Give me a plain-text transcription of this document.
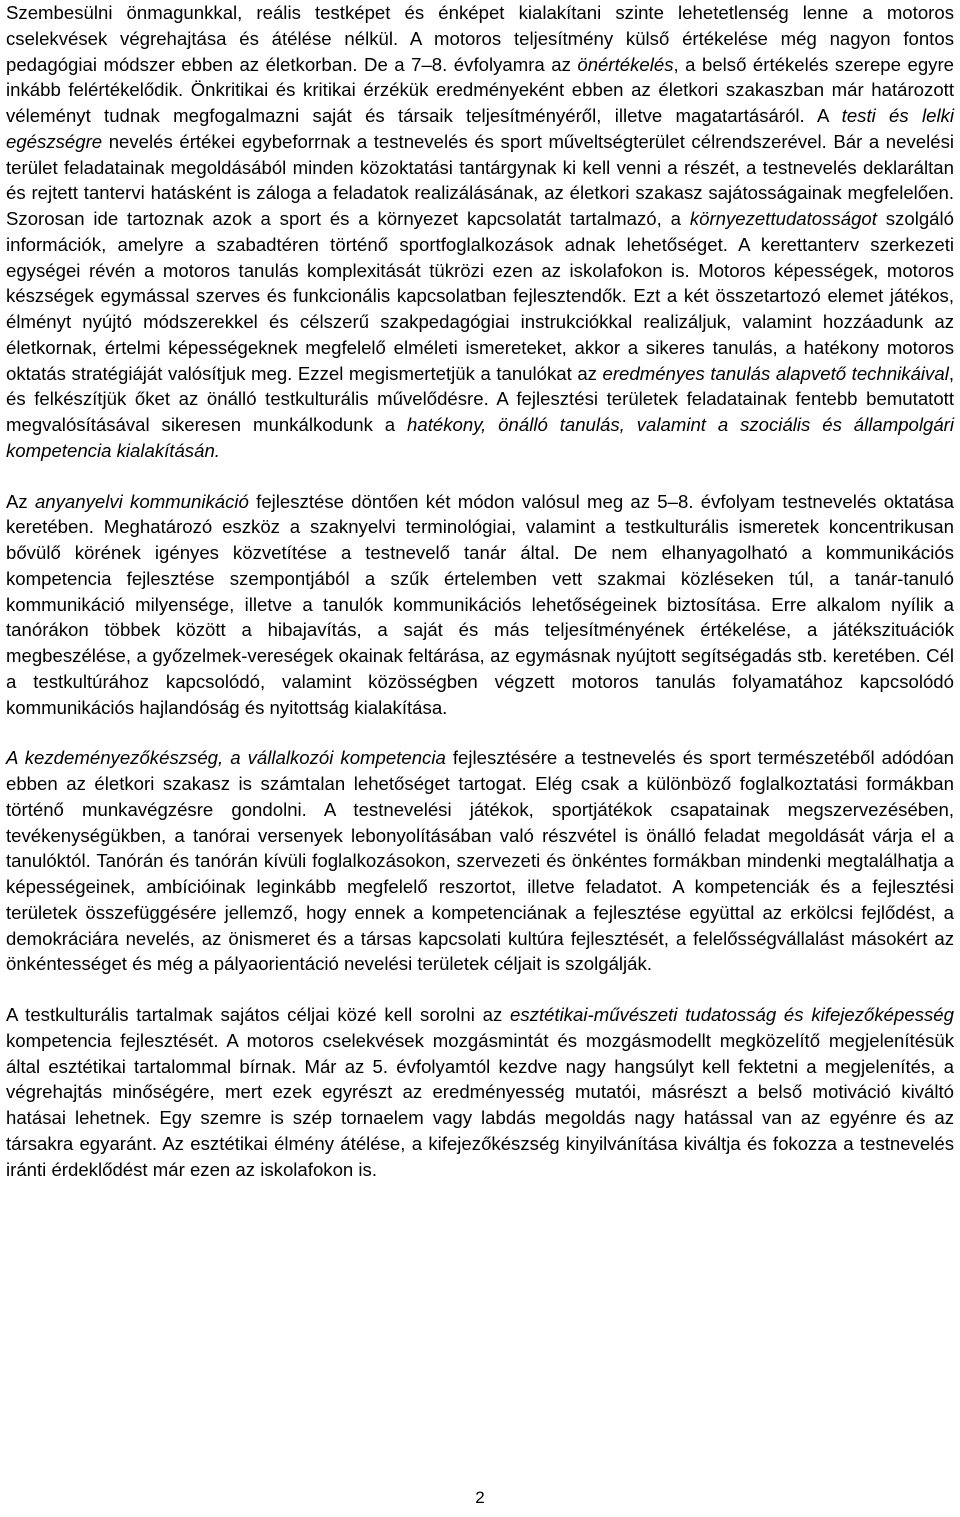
Szembesülni önmagunkkal, reális testképet és énképet kialakítani szinte lehetetlenség lenne a motoros cselekvések végrehajtása és átélése nélkül. A motoros teljesítmény külső értékelése még nagyon fontos pedagógiai módszer ebben az életkorban. De a 7–8. évfolyamra az önértékelés, a belső értékelés szerepe egyre inkább felértékelődik. Önkritikai és kritikai érzékük eredményeként ebben az életkori szakaszban már határozott véleményt tudnak megfogalmazni saját és társaik teljesítményéről, illetve magatartásáról. A testi és lelki egészségre nevelés értékei egybeforrnak a testnevelés és sport műveltségterület célrendszerével. Bár a nevelési terület feladatainak megoldásából minden közoktatási tantárgynak ki kell venni a részét, a testnevelés deklaráltan és rejtett tantervi hatásként is záloga a feladatok realizálásának, az életkori szakasz sajátosságainak megfelelően. Szorosan ide tartoznak azok a sport és a környezet kapcsolatát tartalmazó, a környezettudatosságot szolgáló információk, amelyre a szabadtéren történő sportfoglalkozások adnak lehetőséget. A kerettanterv szerkezeti egységei révén a motoros tanulás komplexitását tükrözi ezen az iskolafokon is. Motoros képességek, motoros készségek egymással szerves és funkcionális kapcsolatban fejlesztendők. Ezt a két összetartozó elemet játékos, élményt nyújtó módszerekkel és célszerű szakpedagógiai instrukciókkal realizáljuk, valamint hozzáadunk az életkornak, értelmi képességeknek megfelelő elméleti ismereteket, akkor a sikeres tanulás, a hatékony motoros oktatás stratégiáját valósítjuk meg. Ezzel megismertetjük a tanulókat az eredményes tanulás alapvető technikáival, és felkészítjük őket az önálló testkulturális művelődésre. A fejlesztési területek feladatainak fentebb bemutatott megvalósításával sikeresen munkálkodunk a hatékony, önálló tanulás, valamint a szociális és állampolgári kompetencia kialakításán.

Az anyanyelvi kommunikáció fejlesztése döntően két módon valósul meg az 5–8. évfolyam testnevelés oktatása keretében. Meghatározó eszköz a szaknyelvi terminológiai, valamint a testkulturális ismeretek koncentrikusan bővülő körének igényes közvetítése a testnevelő tanár által. De nem elhanyagolható a kommunikációs kompetencia fejlesztése szempontjából a szűk értelemben vett szakmai közléseken túl, a tanár-tanuló kommunikáció milyensége, illetve a tanulók kommunikációs lehetőségeinek biztosítása. Erre alkalom nyílik a tanórákon többek között a hibajavítás, a saját és más teljesítményének értékelése, a játékszituációk megbeszélése, a győzelmek-vereségek okainak feltárása, az egymásnak nyújtott segítségadás stb. keretében. Cél a testkultúrához kapcsolódó, valamint közösségben végzett motoros tanulás folyamatához kapcsolódó kommunikációs hajlandóság és nyitottság kialakítása.

A kezdeményezőkészség, a vállalkozói kompetencia fejlesztésére a testnevelés és sport természetéből adódóan ebben az életkori szakasz is számtalan lehetőséget tartogat. Elég csak a különböző foglalkoztatási formákban történő munkavégzésre gondolni. A testnevelési játékok, sportjátékok csapatainak megszervezésében, tevékenységükben, a tanórai versenyek lebonyolításában való részvétel is önálló feladat megoldását várja el a tanulóktól. Tanórán és tanórán kívüli foglalkozásokon, szervezeti és önkéntes formákban mindenki megtalálhatja a képességeinek, ambícióinak leginkább megfelelő reszortot, illetve feladatot. A kompetenciák és a fejlesztési területek összefüggésére jellemző, hogy ennek a kompetenciának a fejlesztése együttal az erkölcsi fejlődést, a demokráciára nevelés, az önismeret és a társas kapcsolati kultúra fejlesztését, a felelősségvállalást másokért az önkéntességet és még a pályaorientáció nevelési területek céljait is szolgálják.

A testkulturális tartalmak sajátos céljai közé kell sorolni az esztétikai-művészeti tudatosság és kifejezőképesség kompetencia fejlesztését. A motoros cselekvések mozgásmintát és mozgásmodellt megközelítő megjelenítésük által esztétikai tartalommal bírnak. Már az 5. évfolyamtól kezdve nagy hangsúlyt kell fektetni a megjelenítés, a végrehajtás minőségére, mert ezek egyrészt az eredményesség mutatói, másrészt a belső motiváció kiváltó hatásai lehetnek. Egy szemre is szép tornaelem vagy labdás megoldás nagy hatással van az egyénre és az társakra egyaránt. Az esztétikai élmény átélése, a kifejezőkészség kinyilvánítása kiváltja és fokozza a testnevelés iránti érdeklődést már ezen az iskolafokon is.

2
